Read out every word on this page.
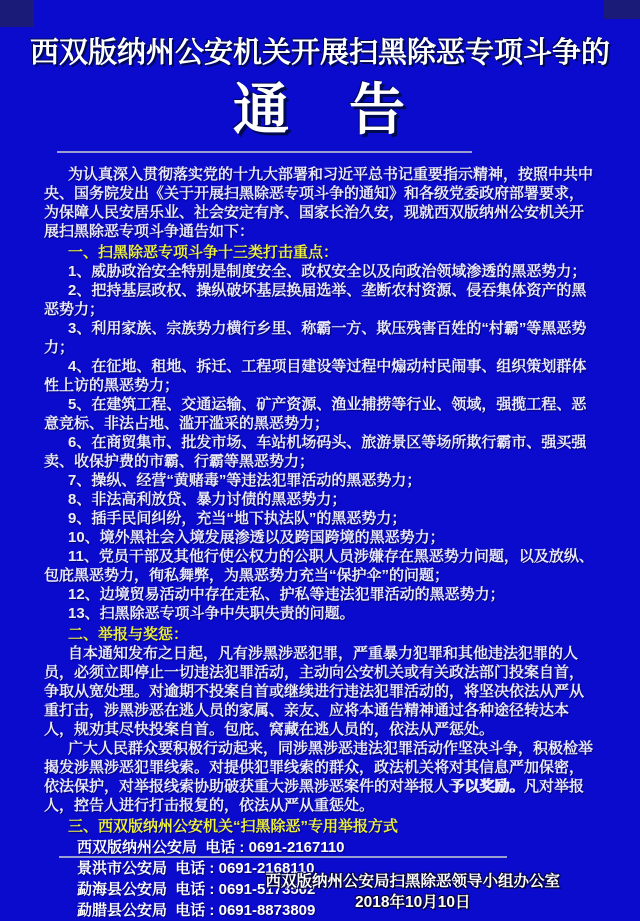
西双版纳州公安机关开展扫黑除恶专项斗争的
通　告

为认真深入贯彻落实党的十九大部署和习近平总书记重要指示精神，按照中共中央、国务院发出《关于开展扫黑除恶专项斗争的通知》和各级党委政府部署要求，为保障人民安居乐业、社会安定有序、国家长治久安，现就西双版纳州公安机关开展扫黑除恶专项斗争通告如下：

一、扫黑除恶专项斗争十三类打击重点：

1、威胁政治安全特别是制度安全、政权安全以及向政治领域渗透的黑恶势力；

2、把持基层政权、操纵破坏基层换届选举、垄断农村资源、侵吞集体资产的黑恶势力；

3、利用家族、宗族势力横行乡里、称霸一方、欺压残害百姓的“村霸”等黑恶势力；

4、在征地、租地、拆迁、工程项目建设等过程中煽动村民闹事、组织策划群体性上访的黑恶势力；

5、在建筑工程、交通运输、矿产资源、渔业捕捞等行业、领域，强揽工程、恶意竞标、非法占地、滥开滥采的黑恶势力；

6、在商贸集市、批发市场、车站机场码头、旅游景区等场所欺行霸市、强买强卖、收保护费的市霸、行霸等黑恶势力；

7、操纵、经营“黄赌毒”等违法犯罪活动的黑恶势力；

8、非法高利放贷、暴力讨债的黑恶势力；

9、插手民间纠纷，充当“地下执法队”的黑恶势力；

10、境外黑社会入境发展渗透以及跨国跨境的黑恶势力；

11、党员干部及其他行使公权力的公职人员涉嫌存在黑恶势力问题，以及放纵、包庇黑恶势力，徇私舞弊，为黑恶势力充当“保护伞”的问题；

12、边境贸易活动中存在走私、护私等违法犯罪活动的黑恶势力；

13、扫黑除恶专项斗争中失职失责的问题。

二、举报与奖惩：

自本通知发布之日起，凡有涉黑涉恶犯罪，严重暴力犯罪和其他违法犯罪的人员，必须立即停止一切违法犯罪活动，主动向公安机关或有关政法部门投案自首，争取从宽处理。对逾期不投案自首或继续进行违法犯罪活动的，将坚决依法从严从重打击，涉黑涉恶在逃人员的家属、亲友、应将本通告精神通过各种途径转达本人，规劝其尽快投案自首。包庇、窝藏在逃人员的，依法从严惩处。

广大人民群众要积极行动起来，同涉黑涉恶违法犯罪活动作坚决斗争，积极检举揭发涉黑涉恶犯罪线索。对提供犯罪线索的群众，政法机关将对其信息严加保密，依法保护，对举报线索协助破获重大涉黑涉恶案件的对举报人予以奖励。凡对举报人，控告人进行打击报复的，依法从严从重惩处。

三、西双版纳州公安机关“扫黑除恶”专用举报方式

西双版纳州公安局 电话 : 0691-2167110

景洪市公安局 电话 : 0691-2168110

勐海县公安局 电话 : 0691-5173502

勐腊县公安局 电话 : 0691-8873809

西双版纳州公安局扫黑除恶领导小组办公室
2018年10月10日
